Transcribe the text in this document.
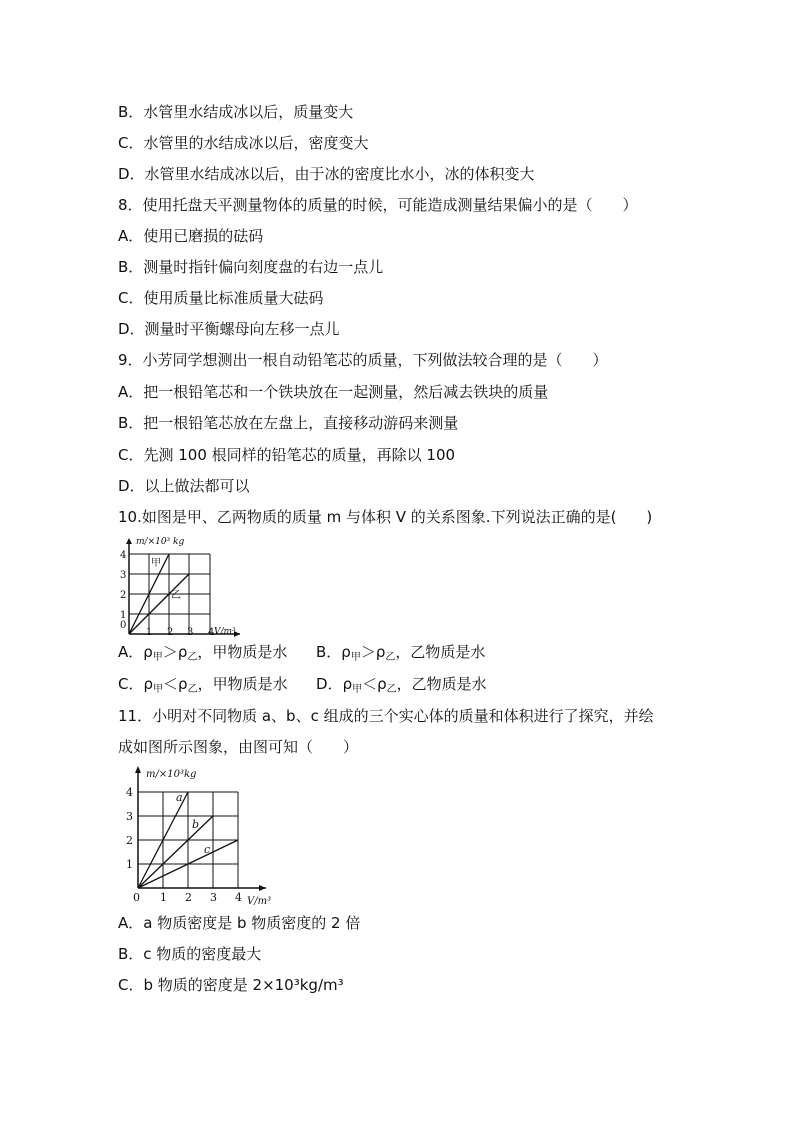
B．水管里水结成冰以后，质量变大
C．水管里的水结成冰以后，密度变大
D．水管里水结成冰以后，由于冰的密度比水小，冰的体积变大
8．使用托盘天平测量物体的质量的时候，可能造成测量结果偏小的是（　　）
A．使用已磨损的砝码
B．测量时指针偏向刻度盘的右边一点儿
C．使用质量比标准质量大砝码
D．测量时平衡螺母向左移一点儿
9．小芳同学想测出一根自动铅笔芯的质量，下列做法较合理的是（　　）
A．把一根铅笔芯和一个铁块放在一起测量，然后减去铁块的质量
B．把一根铅笔芯放在左盘上，直接移动游码来测量
C．先测 100 根同样的铅笔芯的质量，再除以 100
D．以上做法都可以
10.如图是甲、乙两物质的质量 m 与体积 V 的关系图象.下列说法正确的是(　　)
m/×10³ kg
V/m³
0
1 2 3 4
1
2
3
4
甲
乙
A．$\rho_甲>\rho_乙$，甲物质是水 B．$\rho_甲>\rho_乙$，乙物质是水
C．$\rho_甲<\rho_乙$，甲物质是水 D．$\rho_甲<\rho_乙$，乙物质是水
11．小明对不同物质 a、b、c 组成的三个实心体的质量和体积进行了探究，并绘
成如图所示图象，由图可知（　　）
m/×10³kg
V/m³
0 1 2 3 4
1
2
3
4	a
b
c
A．a 物质密度是 b 物质密度的 2 倍
B．c 物质的密度最大
C．b 物质的密度是 2×10³kg/m³
